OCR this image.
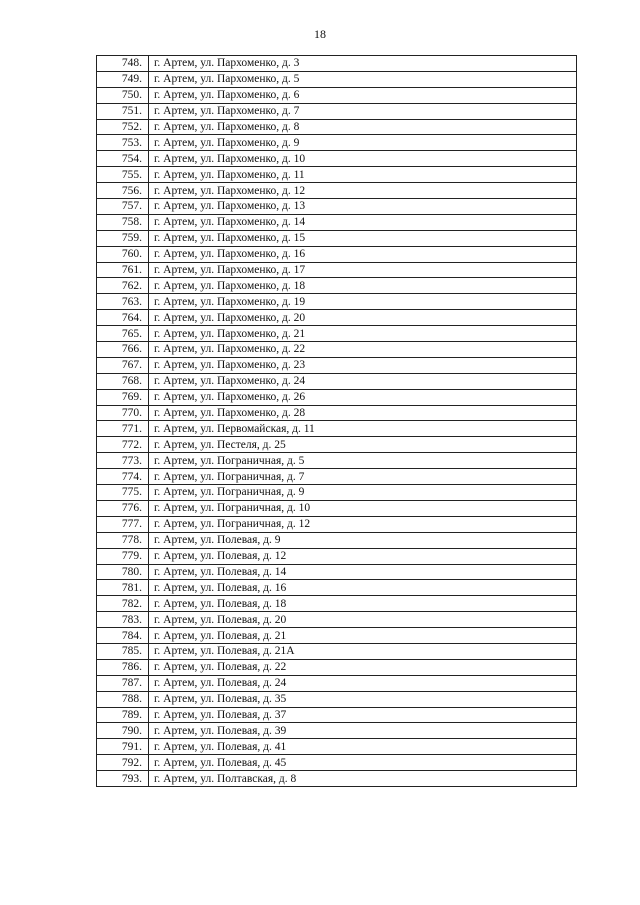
18
748.	г. Артем, ул. Пархоменко, д. 3
749.	г. Артем, ул. Пархоменко, д. 5
750.	г. Артем, ул. Пархоменко, д. 6
751.	г. Артем, ул. Пархоменко, д. 7
752.	г. Артем, ул. Пархоменко, д. 8
753.	г. Артем, ул. Пархоменко, д. 9
754.	г. Артем, ул. Пархоменко, д. 10
755.	г. Артем, ул. Пархоменко, д. 11
756.	г. Артем, ул. Пархоменко, д. 12
757.	г. Артем, ул. Пархоменко, д. 13
758.	г. Артем, ул. Пархоменко, д. 14
759.	г. Артем, ул. Пархоменко, д. 15
760.	г. Артем, ул. Пархоменко, д. 16
761.	г. Артем, ул. Пархоменко, д. 17
762.	г. Артем, ул. Пархоменко, д. 18
763.	г. Артем, ул. Пархоменко, д. 19
764.	г. Артем, ул. Пархоменко, д. 20
765.	г. Артем, ул. Пархоменко, д. 21
766.	г. Артем, ул. Пархоменко, д. 22
767.	г. Артем, ул. Пархоменко, д. 23
768.	г. Артем, ул. Пархоменко, д. 24
769.	г. Артем, ул. Пархоменко, д. 26
770.	г. Артем, ул. Пархоменко, д. 28
771.	г. Артем, ул. Первомайская, д. 11
772.	г. Артем, ул. Пестеля, д. 25
773.	г. Артем, ул. Пограничная, д. 5
774.	г. Артем, ул. Пограничная, д. 7
775.	г. Артем, ул. Пограничная, д. 9
776.	г. Артем, ул. Пограничная, д. 10
777.	г. Артем, ул. Пограничная, д. 12
778.	г. Артем, ул. Полевая, д. 9
779.	г. Артем, ул. Полевая, д. 12
780.	г. Артем, ул. Полевая, д. 14
781.	г. Артем, ул. Полевая, д. 16
782.	г. Артем, ул. Полевая, д. 18
783.	г. Артем, ул. Полевая, д. 20
784.	г. Артем, ул. Полевая, д. 21
785.	г. Артем, ул. Полевая, д. 21А
786.	г. Артем, ул. Полевая, д. 22
787.	г. Артем, ул. Полевая, д. 24
788.	г. Артем, ул. Полевая, д. 35
789.	г. Артем, ул. Полевая, д. 37
790.	г. Артем, ул. Полевая, д. 39
791.	г. Артем, ул. Полевая, д. 41
792.	г. Артем, ул. Полевая, д. 45
793.	г. Артем, ул. Полтавская, д. 8
